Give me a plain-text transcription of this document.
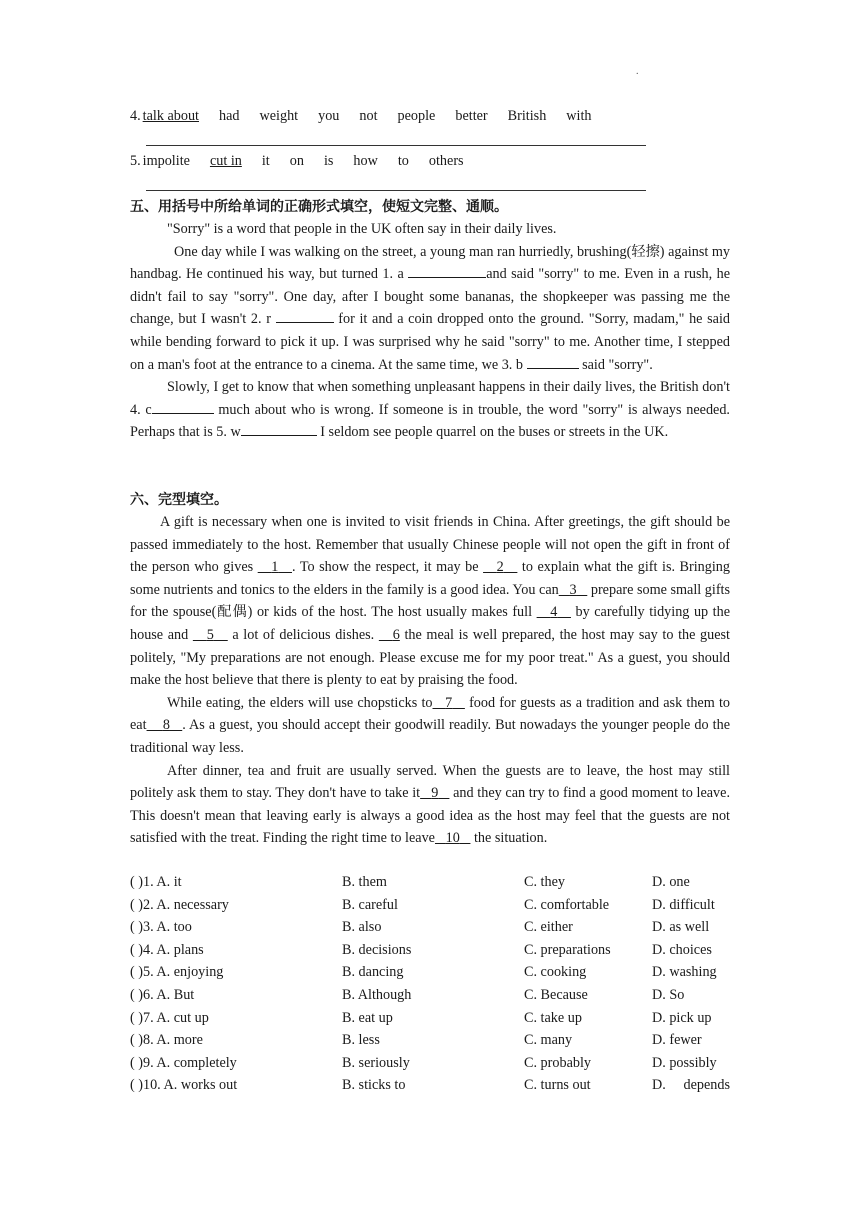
.
4. talk about had weight you not people better British with
5. impolite cut in it on is how to others
五、用括号中所给单词的正确形式填空，使短文完整、通顺。

"Sorry" is a word that people in the UK often say in their daily lives.

One day while I was walking on the street, a young man ran hurriedly, brushing(轻擦) against my handbag. He continued his way, but turned 1. a	and said "sorry" to me. Even in a rush, he didn't fail to say "sorry". One day, after I bought some bananas, the shopkeeper was passing me the change, but I wasn't 2. r	for it and a coin dropped onto the ground. "Sorry, madam," he said while bending forward to pick it up. I was surprised why he said "sorry" to me. Another time, I stepped on a man's foot at the entrance to a cinema. At the same time, we 3. b	said "sorry".

Slowly, I get to know that when something unpleasant happens in their daily lives, the British don't 4. c	much about who is wrong. If someone is in trouble, the word "sorry" is always needed. Perhaps that is 5. w	I seldom see people quarrel on the buses or streets in the UK.

六、完型填空。

A gift is necessary when one is invited to visit friends in China. After greetings, the gift should be passed immediately to the host. Remember that usually Chinese people will not open the gift in front of the person who gives    1 . To show the respect, it may be    2    to explain what the gift is. Bringing some nutrients and tonics to the elders in the family is a good idea. You can 3    prepare some small gifts for the spouse(配偶) or kids of the host. The host usually makes full    4    by carefully tidying up the house and    5    a lot of delicious dishes.    6 the meal is well prepared, the host may say to the guest politely, "My preparations are not enough. Please excuse me for my poor treat." As a guest, you should make the host believe that there is plenty to eat by praising the food.

While eating, the elders will use chopsticks to 7    food for guests as a tradition and ask them to eat 8 . As a guest, you should accept their goodwill readily. But nowadays the younger people do the traditional way less.

After dinner, tea and fruit are usually served. When the guests are to leave, the host may still politely ask them to stay. They don't have to take it 9    and they can try to find a good moment to leave. This doesn't mean that leaving early is always a good idea as the host may feel that the guests are not satisfied with the treat. Finding the right time to leave 10    the situation.

( )1. A. it	B. them	C. they	D. one
( )2. A. necessary	B. careful	C. comfortable	D. difficult
( )3. A. too	B. also	C. either	D. as well
( )4. A. plans	B. decisions	C. preparations	D. choices
( )5. A. enjoying	B. dancing	C. cooking	D. washing
( )6. A. But	B. Although	C. Because	D. So
( )7. A. cut up	B. eat up	C. take up	D. pick up
( )8. A. more	B. less	C. many	D. fewer
( )9. A. completely	B. seriously	C. probably	D. possibly
( )10. A. works out	B. sticks to	C. turns out	D.     depends
